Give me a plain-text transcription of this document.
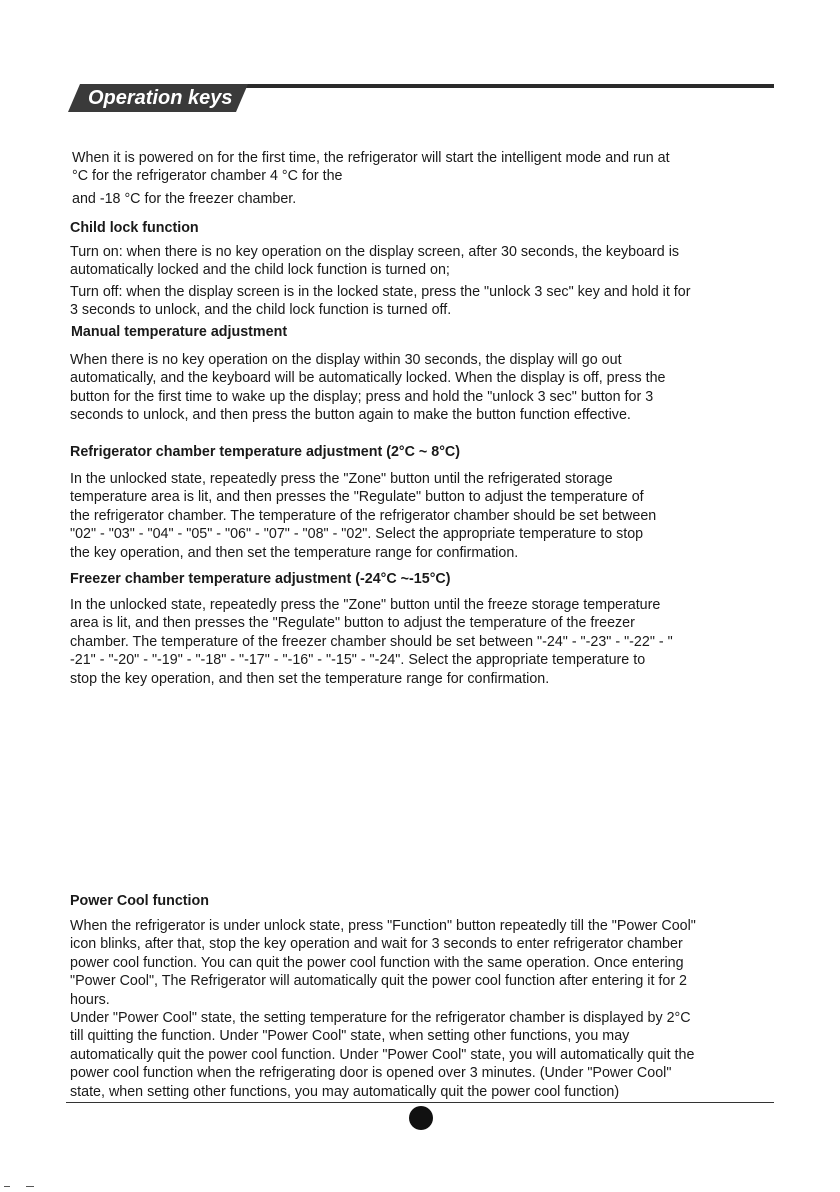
Operation keys
When it is powered on for the first time, the refrigerator will start the intelligent mode and run at
°C for the refrigerator chamber 4 °C for the
and -18 °C for the freezer chamber.
Child lock function
Turn on: when there is no key operation on the display screen, after 30 seconds, the keyboard is
automatically locked and the child lock function is turned on;
Turn off: when the display screen is in the locked state, press the "unlock 3 sec" key and hold it for
3 seconds to unlock, and the child lock function is turned off.
Manual temperature adjustment
When there is no key operation on the display within 30 seconds, the display will go out
automatically, and the keyboard will be automatically locked. When the display is off, press the
button for the first time to wake up the display; press and hold the "unlock 3 sec" button for 3
seconds to unlock, and then press the button again to make the button function effective.
Refrigerator chamber temperature adjustment (2°C ~ 8°C)
In the unlocked state, repeatedly press the "Zone" button until the refrigerated storage
temperature area is lit, and then presses the "Regulate" button to adjust the temperature of
the refrigerator chamber. The temperature of the refrigerator chamber should be set between
"02" - "03" - "04" - "05" - "06" - "07" - "08" - "02". Select the appropriate temperature to stop
the key operation, and then set the temperature range for confirmation.
Freezer chamber temperature adjustment (-24°C ~-15°C)
In the unlocked state, repeatedly press the "Zone" button until the freeze storage temperature
area is lit, and then presses the "Regulate" button to adjust the temperature of the freezer
chamber. The temperature of the freezer chamber should be set between "-24" - "-23" - "-22" - "
-21" - "-20" - "-19" - "-18" - "-17" - "-16" - "-15" - "-24". Select the appropriate temperature to
stop the key operation, and then set the temperature range for confirmation.
Power Cool function
When the refrigerator is under unlock state, press "Function" button repeatedly till the "Power Cool"
icon blinks, after that, stop the key operation and wait for 3 seconds to enter refrigerator chamber
power cool function. You can quit the power cool function with the same operation. Once entering
"Power Cool", The Refrigerator will automatically quit the power cool function after entering it for 2
hours.
Under "Power Cool" state, the setting temperature for the refrigerator chamber is displayed by 2°C
till quitting the function. Under "Power Cool" state, when setting other functions, you may
automatically quit the power cool function. Under "Power Cool" state, you will automatically quit the
power cool function when the refrigerating door is opened over 3 minutes. (Under "Power Cool"
state, when setting other functions, you may automatically quit the power cool function)
